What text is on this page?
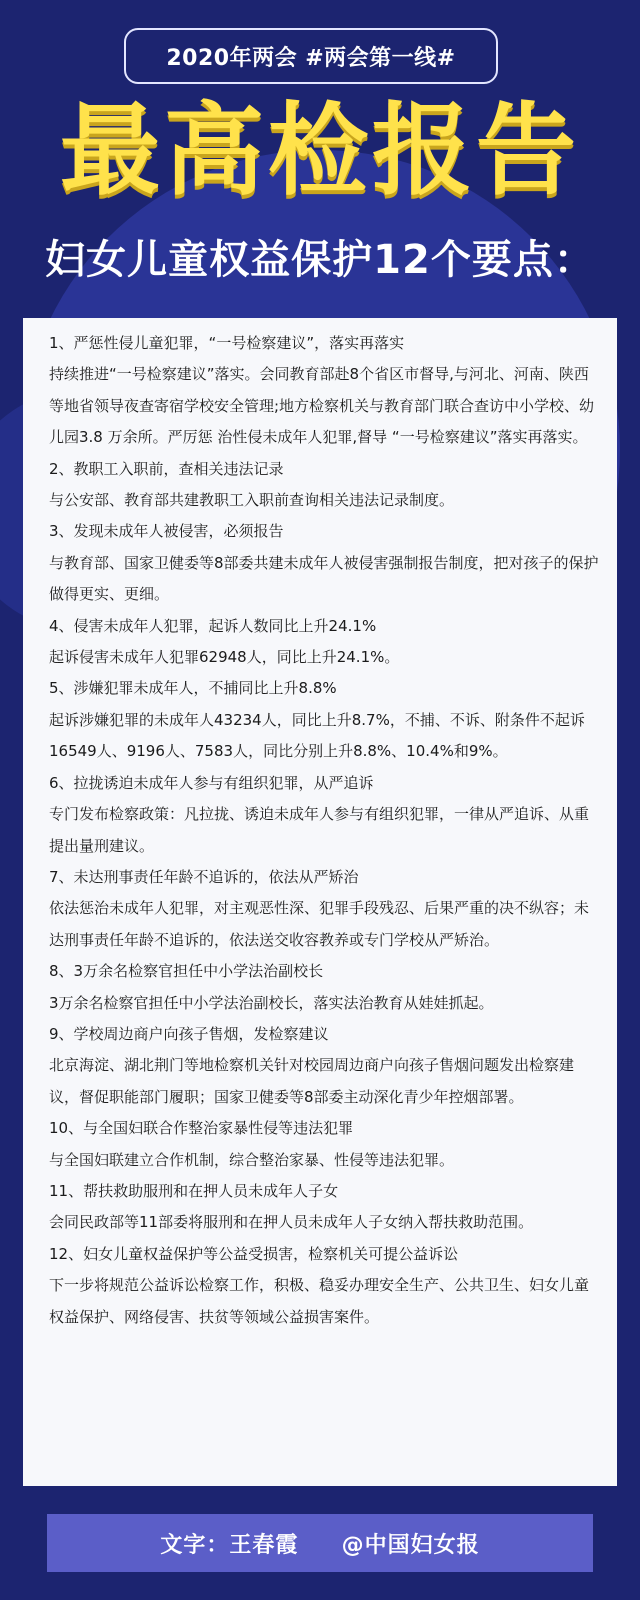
2020年两会 #两会第一线#
最高检报告
妇女儿童权益保护12个要点：

1、严惩性侵儿童犯罪，“一号检察建议”，落实再落实

持续推进“一号检察建议”落实。会同教育部赴8个省区市督导,与河北、河南、陕西等地省领导夜查寄宿学校安全管理;地方检察机关与教育部门联合查访中小学校、幼儿园3.8 万余所。严厉惩 治性侵未成年人犯罪,督导 “一号检察建议”落实再落实。

2、教职工入职前，查相关违法记录

与公安部、教育部共建教职工入职前查询相关违法记录制度。

3、发现未成年人被侵害，必须报告

与教育部、国家卫健委等8部委共建未成年人被侵害强制报告制度，把对孩子的保护做得更实、更细。

4、侵害未成年人犯罪，起诉人数同比上升24.1%

起诉侵害未成年人犯罪62948人，同比上升24.1%。

5、涉嫌犯罪未成年人，不捕同比上升8.8%

起诉涉嫌犯罪的未成年人43234人，同比上升8.7%，不捕、不诉、附条件不起诉16549人、9196人、7583人，同比分别上升8.8%、10.4%和9%。

6、拉拢诱迫未成年人参与有组织犯罪，从严追诉

专门发布检察政策：凡拉拢、诱迫未成年人参与有组织犯罪，一律从严追诉、从重提出量刑建议。

7、未达刑事责任年龄不追诉的，依法从严矫治

依法惩治未成年人犯罪，对主观恶性深、犯罪手段残忍、后果严重的决不纵容；未达刑事责任年龄不追诉的，依法送交收容教养或专门学校从严矫治。

8、3万余名检察官担任中小学法治副校长

3万余名检察官担任中小学法治副校长，落实法治教育从娃娃抓起。

9、学校周边商户向孩子售烟，发检察建议

北京海淀、湖北荆门等地检察机关针对校园周边商户向孩子售烟问题发出检察建议，督促职能部门履职；国家卫健委等8部委主动深化青少年控烟部署。

10、与全国妇联合作整治家暴性侵等违法犯罪

与全国妇联建立合作机制，综合整治家暴、性侵等违法犯罪。

11、帮扶救助服刑和在押人员未成年人子女

会同民政部等11部委将服刑和在押人员未成年人子女纳入帮扶救助范围。

12、妇女儿童权益保护等公益受损害，检察机关可提公益诉讼

下一步将规范公益诉讼检察工作，积极、稳妥办理安全生产、公共卫生、妇女儿童权益保护、网络侵害、扶贫等领域公益损害案件。

文字：王春霞
@中国妇女报
